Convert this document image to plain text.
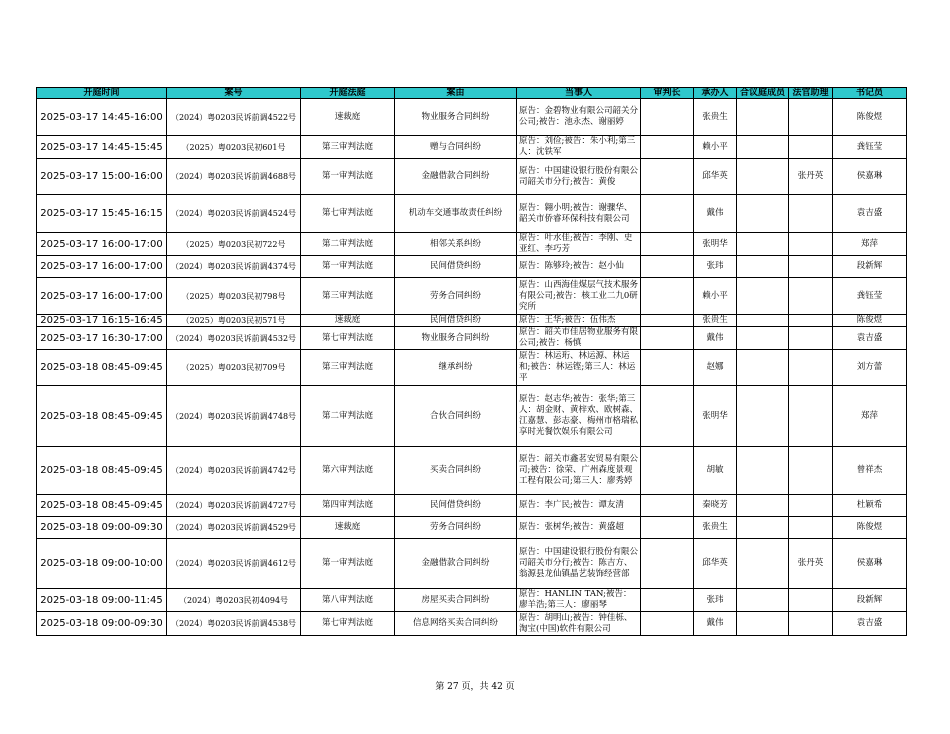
开庭时间	案号	开庭法庭	案由	当事人	审判长	承办人	合议庭成员	法官助理	书记员
2025-03-17 14:45-16:00	（2024）粤0203民诉前调4522号	速裁庭	物业服务合同纠纷	原告：金碧物业有限公司韶关分公司;被告：池永杰、谢丽婷		张贵生			陈俊煜
2025-03-17 14:45-15:45	（2025）粤0203民初601号	第三审判法庭	赠与合同纠纷	原告：刘俭;被告：朱小利;第三人：沈铁军		赖小平			龚钰莹
2025-03-17 15:00-16:00	（2024）粤0203民诉前调4688号	第一审判法庭	金融借款合同纠纷	原告：中国建设银行股份有限公司韶关市分行;被告：黄俊		邱华英		张丹英	侯嘉琳
2025-03-17 15:45-16:15	（2024）粤0203民诉前调4524号	第七审判法庭	机动车交通事故责任纠纷	原告：翱小明;被告：谢骤华、韶关市侨睿环保科技有限公司		戴伟			袁吉盛
2025-03-17 16:00-17:00	（2025）粤0203民初722号	第二审判法庭	相邻关系纠纷	原告：叶水佳;被告：李刚、史亚红、李巧芳		张明华			郑萍
2025-03-17 16:00-17:00	（2024）粤0203民诉前调4374号	第一审判法庭	民间借贷纠纷	原告：陈够玲;被告：赵小仙		张玮			段新辉
2025-03-17 16:00-17:00	（2025）粤0203民初798号	第三审判法庭	劳务合同纠纷	原告：山西海佳煤层气技术服务有限公司;被告：核工业二九0研究所		赖小平			龚钰莹
2025-03-17 16:15-16:45	（2025）粤0203民初571号	速裁庭	民间借贷纠纷	原告：王华;被告：伍伟杰		张贵生			陈俊煜
2025-03-17 16:30-17:00	（2024）粤0203民诉前调4532号	第七审判法庭	物业服务合同纠纷	原告：韶关市佳居物业服务有限公司;被告：杨慎		戴伟			袁吉盛
2025-03-18 08:45-09:45	（2025）粤0203民初709号	第三审判法庭	继承纠纷	原告：林运珩、林运源、林运和;被告：林运铿;第三人：林运平		赵娜			刘方蕾
2025-03-18 08:45-09:45	（2024）粤0203民诉前调4748号	第二审判法庭	合伙合同纠纷	原告：赵志华;被告：张华;第三人：胡金财、黄梓欢、欧树森、江嘉慧、彭志豪、梅州市格瑞私享时光餐饮娱乐有限公司		张明华			郑萍
2025-03-18 08:45-09:45	（2024）粤0203民诉前调4742号	第六审判法庭	买卖合同纠纷	原告：韶关市鑫茗安贸易有限公司;被告：徐荣、广州森度景观工程有限公司;第三人：廖秀婷		胡敏			曾祥杰
2025-03-18 08:45-09:45	（2024）粤0203民诉前调4727号	第四审判法庭	民间借贷纠纷	原告：李广民;被告：谭友清		秦晓芳			杜颖希
2025-03-18 09:00-09:30	（2024）粤0203民诉前调4529号	速裁庭	劳务合同纠纷	原告：张树华;被告：黄盛超		张贵生			陈俊煜
2025-03-18 09:00-10:00	（2024）粤0203民诉前调4612号	第一审判法庭	金融借款合同纠纷	原告：中国建设银行股份有限公司韶关市分行;被告：陈吉方、翁源县龙仙镇晶艺装饰经营部		邱华英		张丹英	侯嘉琳
2025-03-18 09:00-11:45	（2024）粤0203民初4094号	第八审判法庭	房屋买卖合同纠纷	原告：HANLIN TAN;被告：廖羊浩;第三人：廖丽琴		张玮			段新辉
2025-03-18 09:00-09:30	（2024）粤0203民诉前调4538号	第七审判法庭	信息网络买卖合同纠纷	原告：胡明山;被告：钟佳栎、淘宝(中国)软件有限公司		戴伟			袁吉盛
第 27 页，共 42 页
